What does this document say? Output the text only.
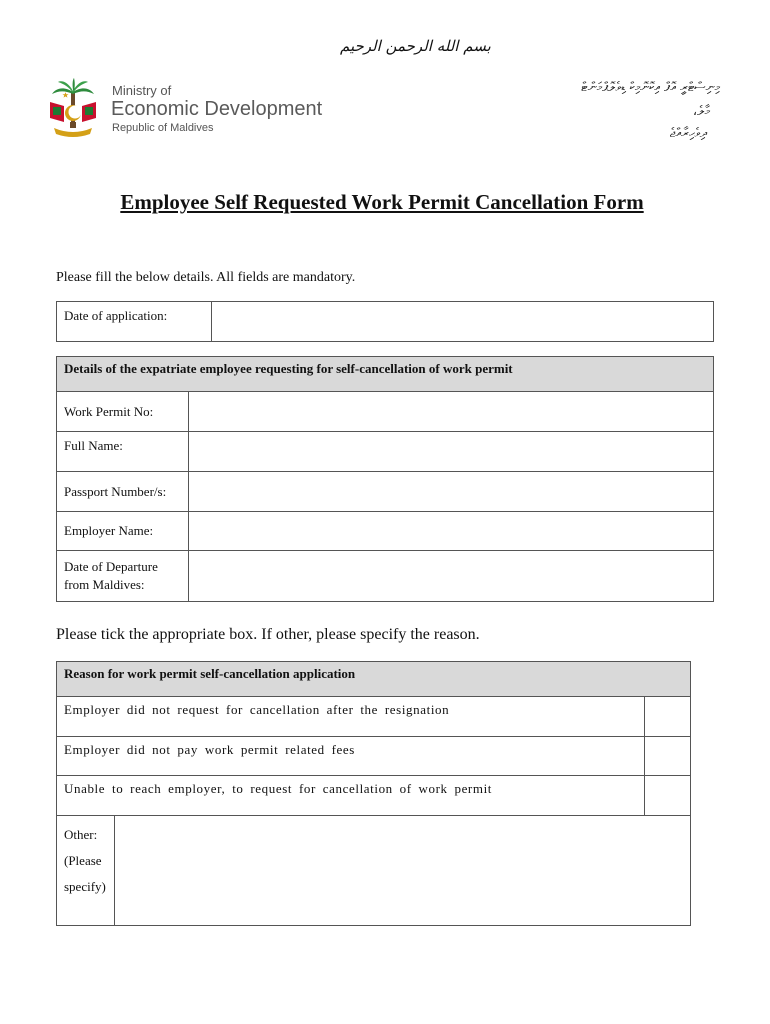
بسم الله الرحمن الرحيم
Ministry of
Economic Development
Republic of Maldives
މިނިސްޓްރީ އޮފް އިކޮނޮމިކް ޑިވެލޮޕްމަންޓް
މާލެ،
ދިވެހިރާއްޖެ
Employee Self Requested Work Permit Cancellation Form
Please fill the below details. All fields are mandatory.
Date of application:	
Details of the expatriate employee requesting for self-cancellation of work permit	
Work Permit No:	
Full Name:	
Passport Number/s:	
Employer Name:	
Date of Departure from Maldives:	
Please tick the appropriate box. If other, please specify the reason.
Reason for work permit self-cancellation application		
Employer did not request for cancellation after the resignation		
Employer did not pay work permit related fees		
Unable to reach employer, to request for cancellation of work permit		

Other:
(Please
specify)		
